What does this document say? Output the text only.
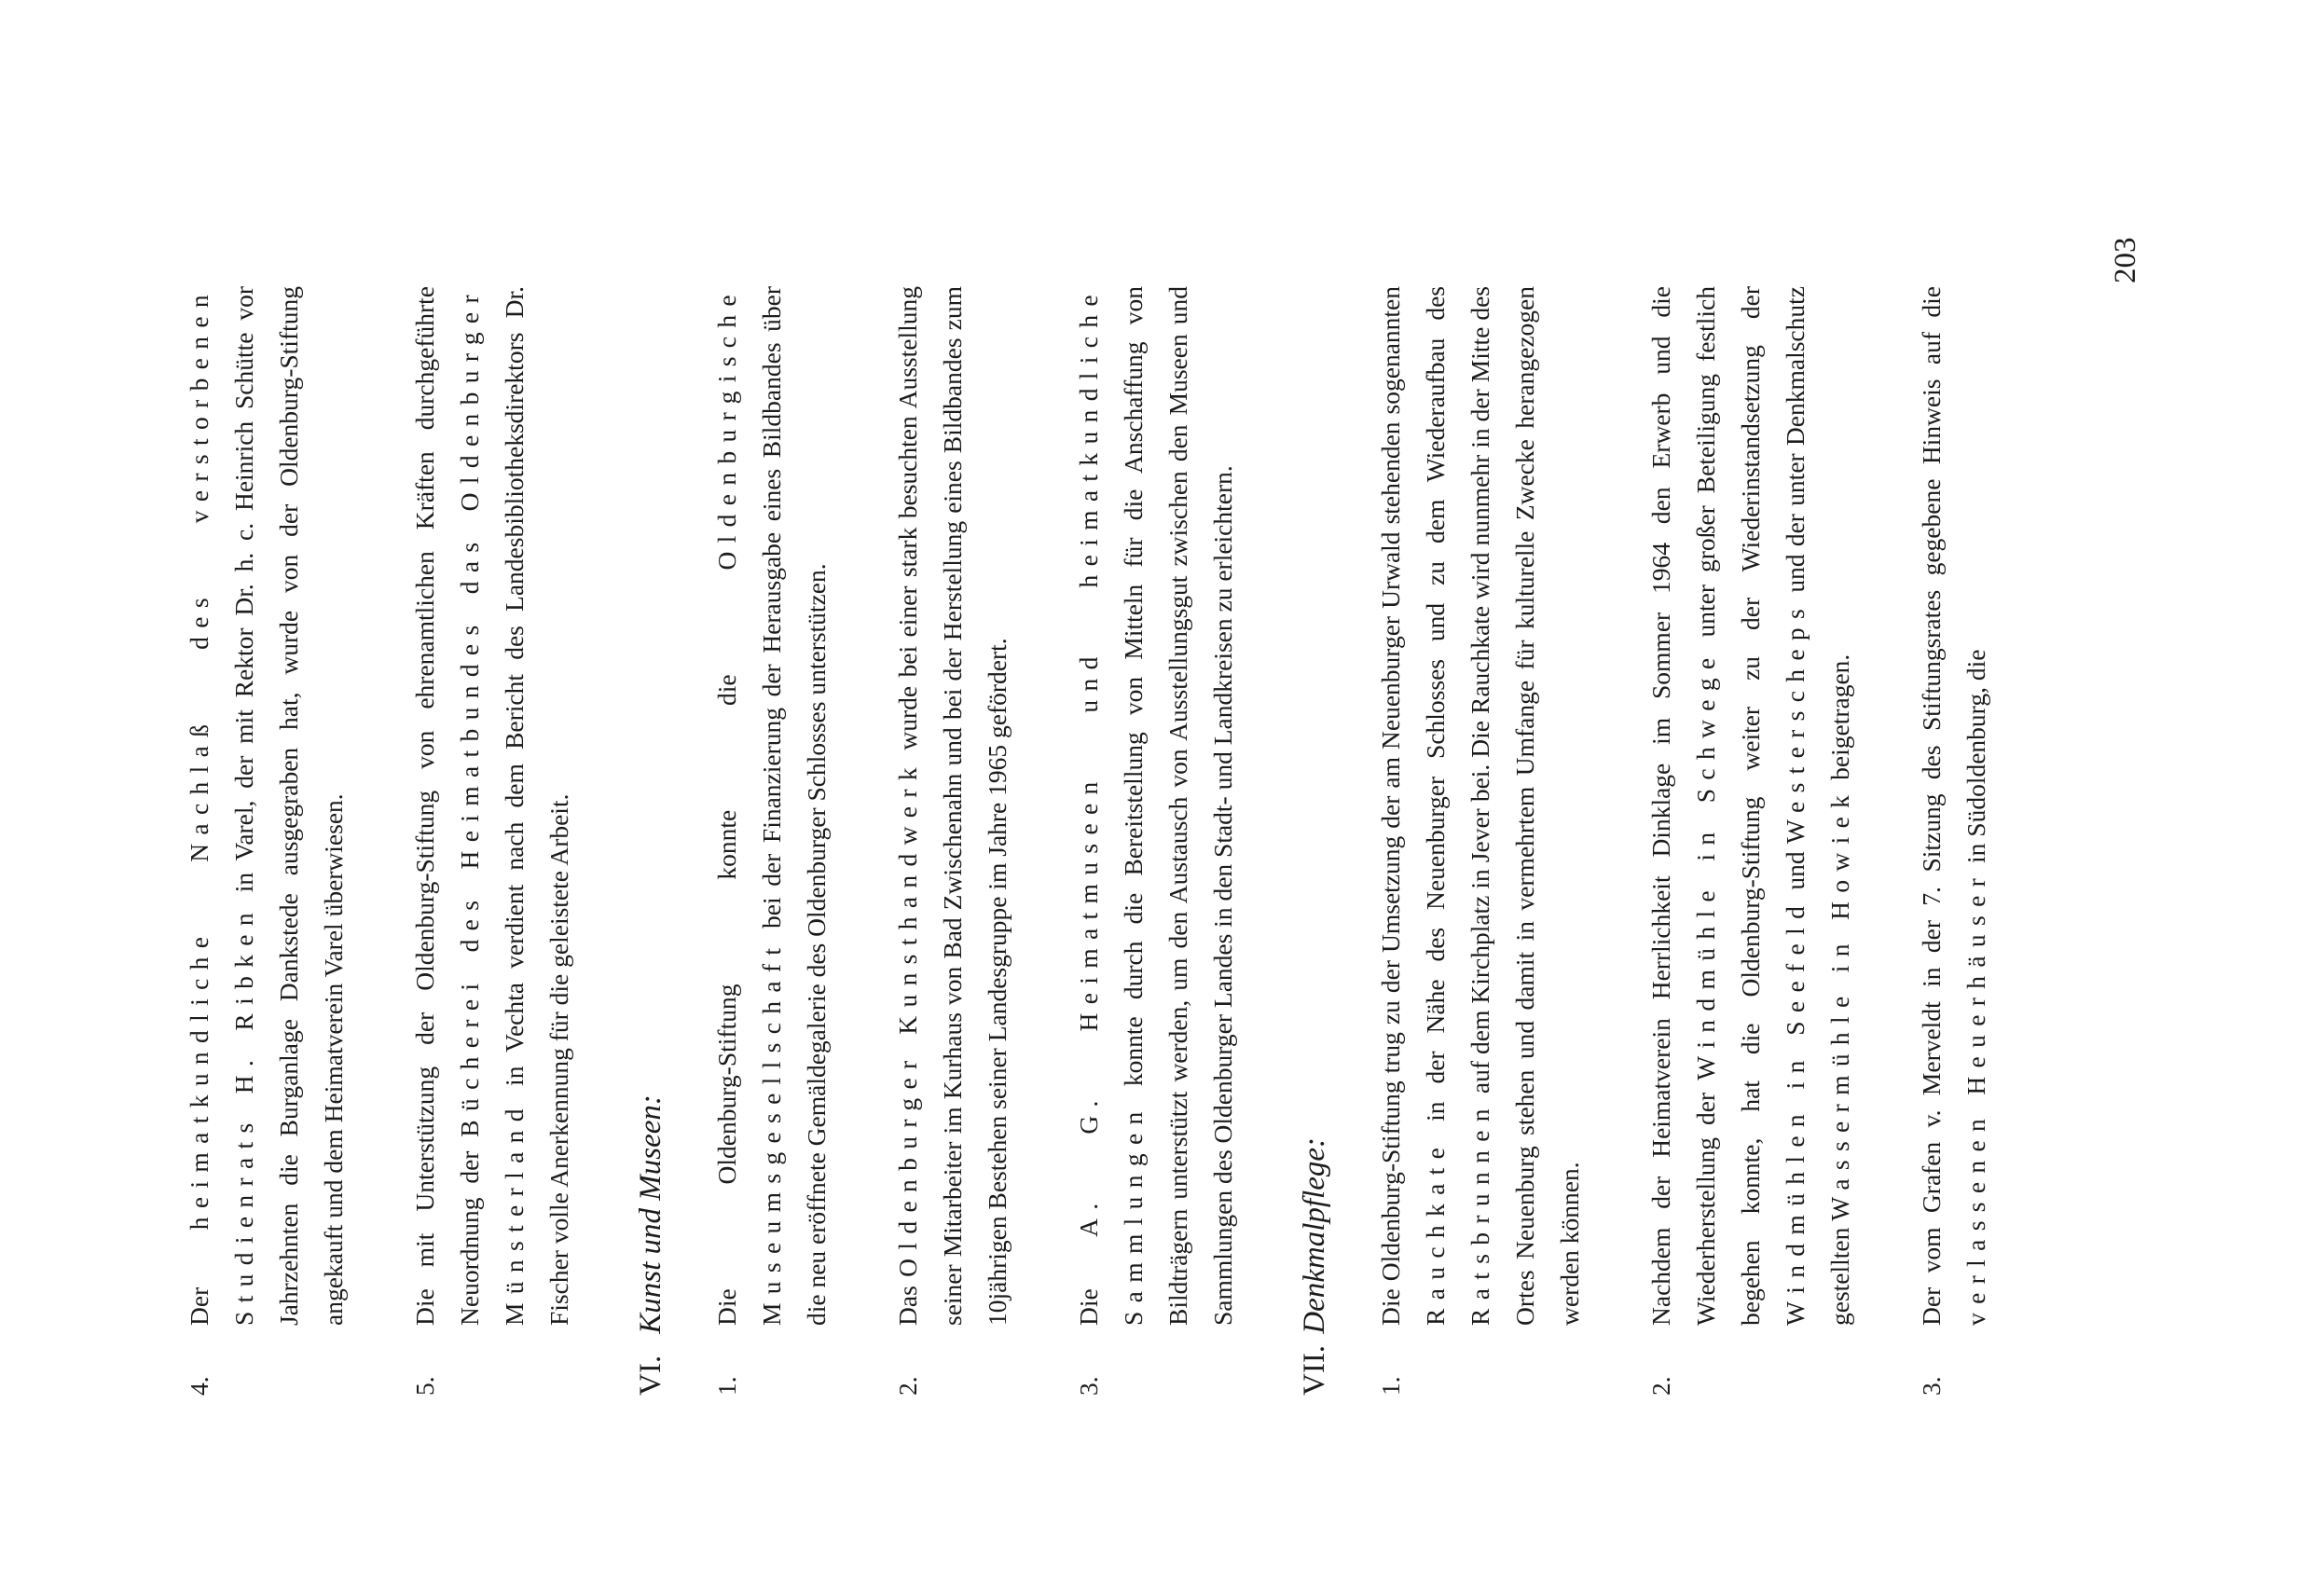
4.

Der heimatkundliche Nachlaß des verstorbenen Studienrats H. Ribken in Varel, der mit Rektor Dr. h. c. Heinrich Schütte vor Jahrzehnten die Burganlage Dankstede ausgegraben hat, wurde von der Oldenburg-Stiftung angekauft und dem Heimatverein Varel überwiesen.

5.

Die mit Unterstützung der Oldenburg-Stiftung von ehrenamtlichen Kräften durchgeführte Neuordnung der Bücherei des Heimatbundes das Oldenburger Münsterland in Vechta verdient nach dem Bericht des Landesbibliotheksdirektors Dr. Fischer volle Anerkennung für die geleistete Arbeit.

VI. Kunst und Museen:
1.

Die Oldenburg-Stiftung konnte die Oldenburgische Museumsgesellschaft bei der Finanzierung der Herausgabe eines Bildbandes über die neu eröffnete Gemäldegalerie des Oldenburger Schlosses unterstützen.

2.

Das Oldenburger Kunsthandwerk wurde bei einer stark besuchten Ausstellung seiner Mitarbeiter im Kurhaus von Bad Zwischenahn und bei der Herstellung eines Bildbandes zum 10jährigen Bestehen seiner Landesgruppe im Jahre 1965 gefördert.

3.

Die A. G. Heimatmuseen und heimatkundliche Sammlungen konnte durch die Bereitstellung von Mitteln für die Anschaffung von Bildträgern unterstützt werden, um den Austausch von Ausstellungsgut zwischen den Museen und Sammlungen des Oldenburger Landes in den Stadt- und Landkreisen zu erleichtern.

VII. Denkmalpflege:
1.

Die Oldenburg-Stiftung trug zu der Umsetzung der am Neuenburger Urwald stehenden sogenannten Rauchkate in der Nähe des Neuenburger Schlosses und zu dem Wiederaufbau des Ratsbrunnen auf dem Kirchplatz in Jever bei. Die Rauchkate wird nunmehr in der Mitte des Ortes Neuenburg stehen und damit in vermehrtem Umfange für kulturelle Zwecke herangezogen werden können.

2.

Nachdem der Heimatverein Herrlichkeit Dinklage im Sommer 1964 den Erwerb und die Wiederherstellung der Windmühle in Schwege unter großer Beteiligung festlich begehen konnte, hat die Oldenburg-Stiftung weiter zu der Wiederinstandsetzung der Windmühlen in Seefeld und Westerscheps und der unter Denkmalschutz gestellten Wassermühle in Howiek beigetragen.

3.

Der vom Grafen v. Merveldt in der 7. Sitzung des Stiftungsrates gegebene Hinweis auf die verlassenen Heuerhäuser in Südoldenburg, die

203
